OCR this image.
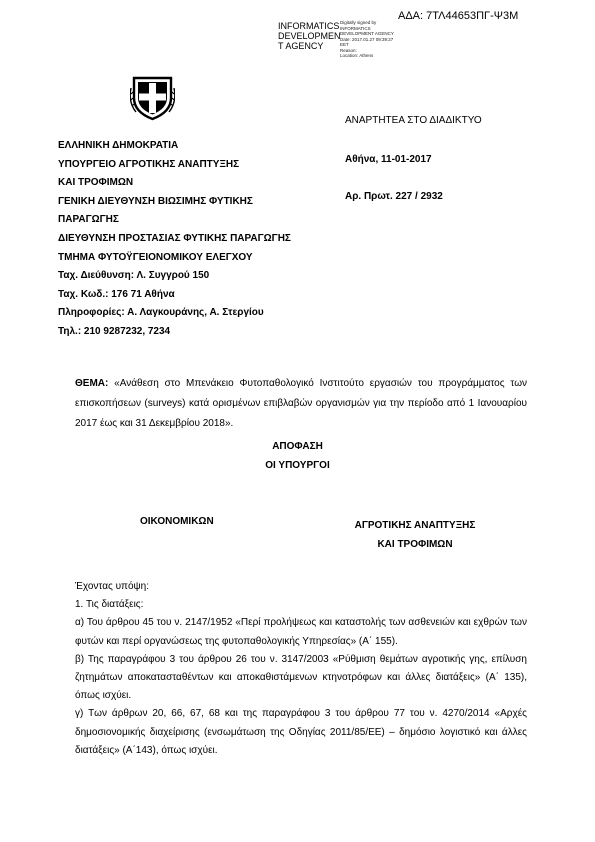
ΑΔΑ: 7ΤΛ44653ΠΓ-Ψ3Μ
INFORMATICS
DEVELOPMEN
T AGENCY
Digitally signed by
INFORMATICS
DEVELOPMENT AGENCY
Date: 2017.01.27 09:39:27
EET
Reason:
Location: Athens
ΕΛΛΗΝΙΚΗ ΔΗΜΟΚΡΑΤΙΑ
ΥΠΟΥΡΓΕΙΟ ΑΓΡΟΤΙΚΗΣ ΑΝΑΠΤΥΞΗΣ
ΚΑΙ ΤΡΟΦΙΜΩΝ
ΓΕΝΙΚΗ ΔΙΕΥΘΥΝΣΗ ΒΙΩΣΙΜΗΣ ΦΥΤΙΚΗΣ
ΠΑΡΑΓΩΓΗΣ
ΔΙΕΥΘΥΝΣΗ ΠΡΟΣΤΑΣΙΑΣ ΦΥΤΙΚΗΣ ΠΑΡΑΓΩΓΗΣ
ΤΜΗΜΑ ΦΥΤΟΫΓΕΙΟΝΟΜΙΚΟΥ ΕΛΕΓΧΟΥ
Ταχ. Διεύθυνση: Λ. Συγγρού 150
Ταχ. Κωδ.: 176 71 Αθήνα
Πληροφορίες: Α. Λαγκουράνης, Α. Στεργίου
Τηλ.: 210 9287232, 7234
ΑΝΑΡΤΗΤΕΑ ΣΤΟ ΔΙΑΔΙΚΤΥΟ
Αθήνα, 11-01-2017
Αρ. Πρωτ. 227 / 2932
ΘΕΜΑ: «Ανάθεση στο Μπενάκειο Φυτοπαθολογικό Ινστιτούτο εργασιών του προγράμματος των επισκοπήσεων (surveys) κατά ορισμένων επιβλαβών οργανισμών για την περίοδο από 1 Ιανουαρίου 2017 έως και 31 Δεκεμβρίου 2018».
ΑΠΟΦΑΣΗ
ΟΙ ΥΠΟΥΡΓΟΙ
ΟΙΚΟΝΟΜΙΚΩΝ	ΑΓΡΟΤΙΚΗΣ ΑΝΑΠΤΥΞΗΣ
ΚΑΙ ΤΡΟΦΙΜΩΝ

Έχοντας υπόψη:

1. Τις διατάξεις:

α) Του άρθρου 45 του ν. 2147/1952 «Περί προλήψεως και καταστολής των ασθενειών και εχθρών των φυτών και περί οργανώσεως της φυτοπαθολογικής Υπηρεσίας» (Α΄ 155).

β) Της παραγράφου 3 του άρθρου 26 του ν. 3147/2003 «Ρύθμιση θεμάτων αγροτικής γης, επίλυση ζητημάτων αποκατασταθέντων και αποκαθιστάμενων κτηνοτρόφων και άλλες διατάξεις» (Α΄ 135), όπως ισχύει.

γ) Των άρθρων 20, 66, 67, 68 και της παραγράφου 3 του άρθρου 77 του ν. 4270/2014 «Αρχές δημοσιονομικής διαχείρισης (ενσωμάτωση της Οδηγίας 2011/85/ΕΕ) – δημόσιο λογιστικό και άλλες διατάξεις» (Α΄143), όπως ισχύει.
